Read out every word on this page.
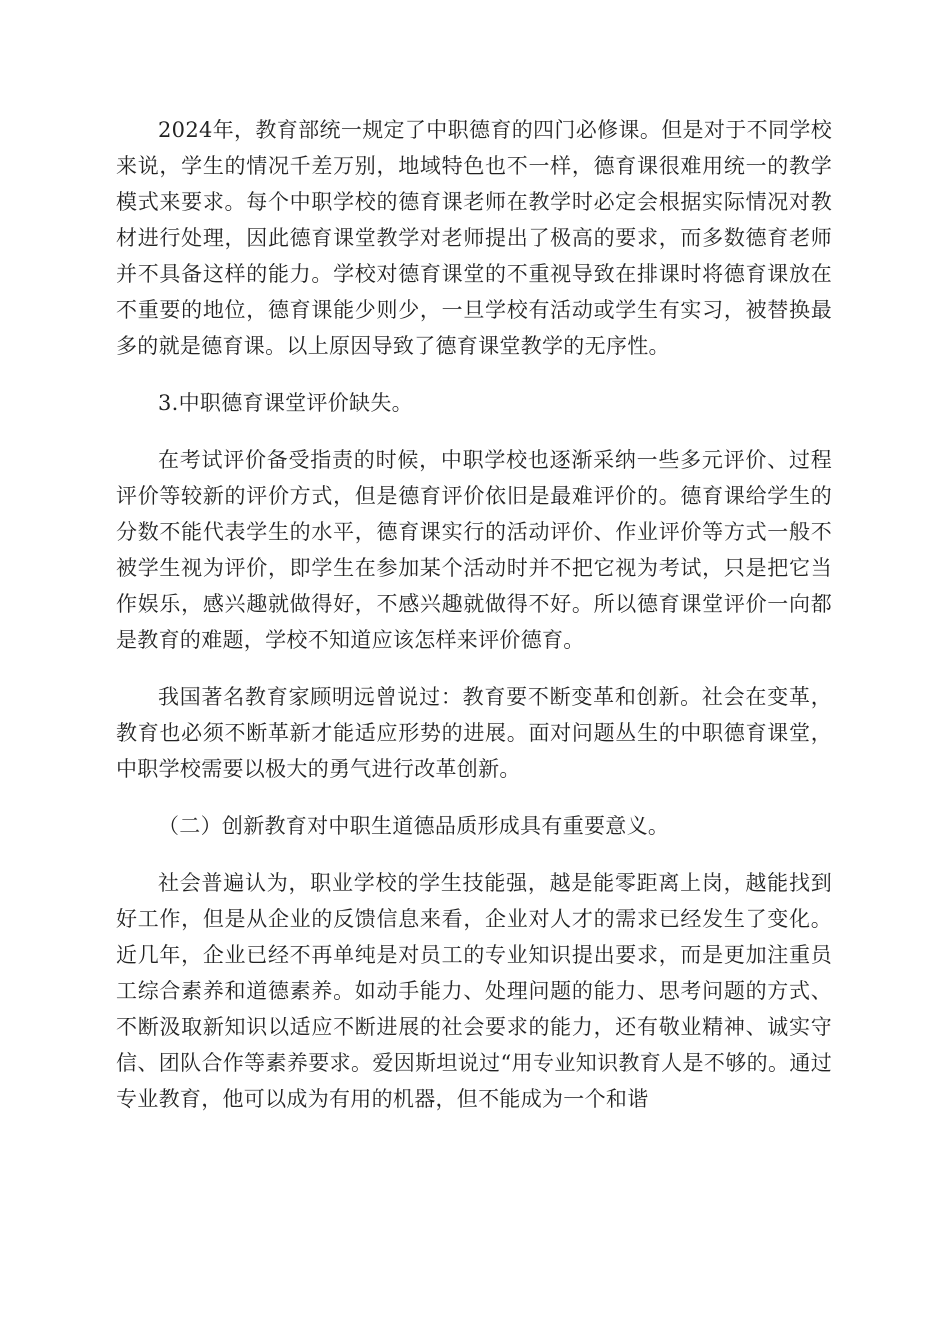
2024年，教育部统一规定了中职德育的四门必修课。但是对于不同学校来说，学生的情况千差万别，地域特色也不一样，德育课很难用统一的教学模式来要求。每个中职学校的德育课老师在教学时必定会根据实际情况对教材进行处理，因此德育课堂教学对老师提出了极高的要求，而多数德育老师并不具备这样的能力。学校对德育课堂的不重视导致在排课时将德育课放在不重要的地位，德育课能少则少，一旦学校有活动或学生有实习，被替换最多的就是德育课。以上原因导致了德育课堂教学的无序性。

3.中职德育课堂评价缺失。

在考试评价备受指责的时候，中职学校也逐渐采纳一些多元评价、过程评价等较新的评价方式，但是德育评价依旧是最难评价的。德育课给学生的分数不能代表学生的水平，德育课实行的活动评价、作业评价等方式一般不被学生视为评价，即学生在参加某个活动时并不把它视为考试，只是把它当作娱乐，感兴趣就做得好，不感兴趣就做得不好。所以德育课堂评价一向都是教育的难题，学校不知道应该怎样来评价德育。

我国著名教育家顾明远曾说过：教育要不断变革和创新。社会在变革，教育也必须不断革新才能适应形势的进展。面对问题丛生的中职德育课堂，中职学校需要以极大的勇气进行改革创新。

（二）创新教育对中职生道德品质形成具有重要意义。

社会普遍认为，职业学校的学生技能强，越是能零距离上岗，越能找到好工作，但是从企业的反馈信息来看，企业对人才的需求已经发生了变化。近几年，企业已经不再单纯是对员工的专业知识提出要求，而是更加注重员工综合素养和道德素养。如动手能力、处理问题的能力、思考问题的方式、不断汲取新知识以适应不断进展的社会要求的能力，还有敬业精神、诚实守信、团队合作等素养要求。爱因斯坦说过“用专业知识教育人是不够的。通过专业教育，他可以成为有用的机器，但不能成为一个和谐
